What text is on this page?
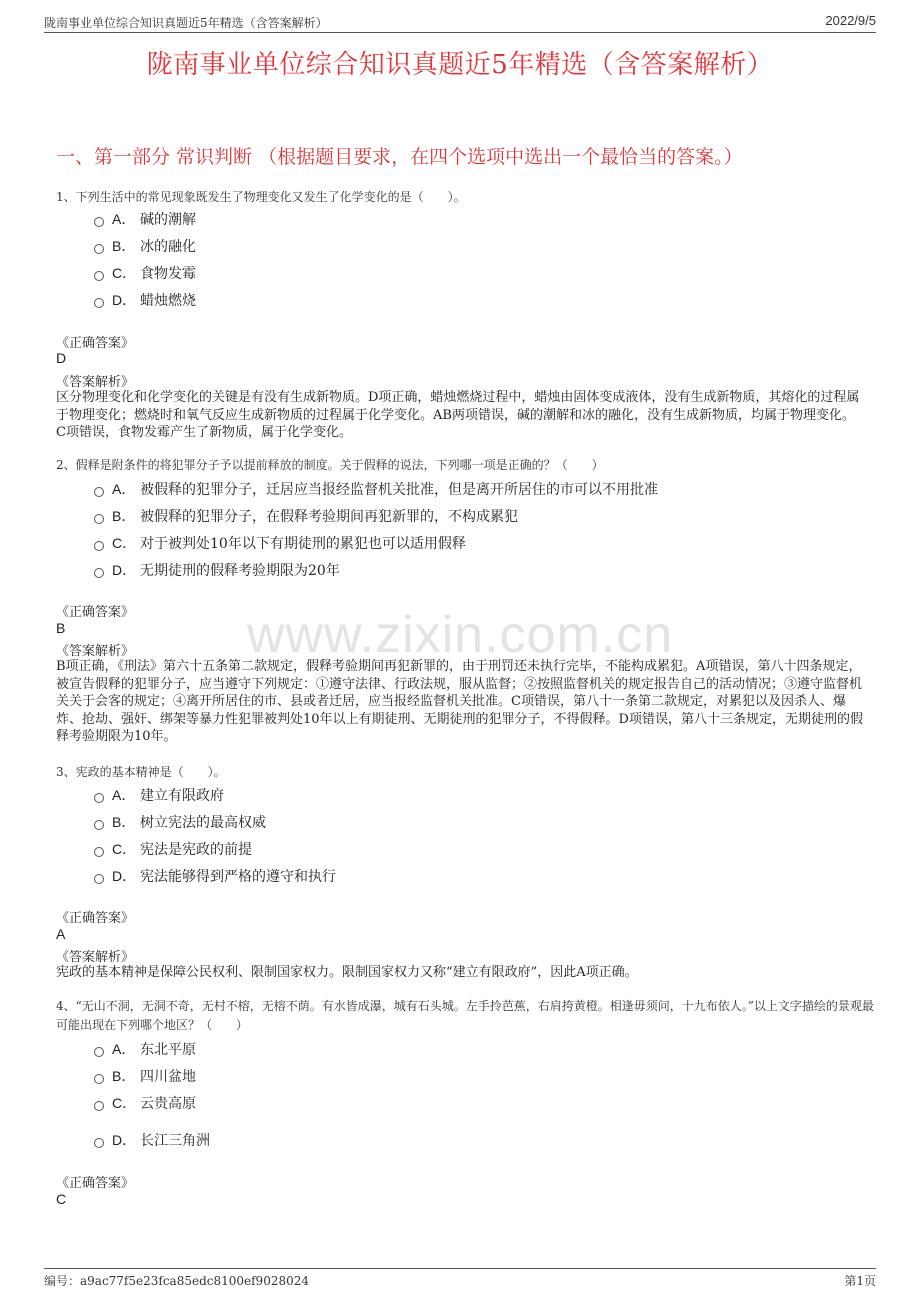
陇南事业单位综合知识真题近5年精选（含答案解析）	2022/9/5
陇南事业单位综合知识真题近5年精选（含答案解析）
一、第一部分 常识判断 （根据题目要求，在四个选项中选出一个最恰当的答案。）
www.zixin.com.cn
1、下列生活中的常见现象既发生了物理变化又发生了化学变化的是（　　）。
A． 碱的潮解
B． 冰的融化
C． 食物发霉
D． 蜡烛燃烧
《正确答案》
D
《答案解析》
区分物理变化和化学变化的关键是有没有生成新物质。D项正确，蜡烛燃烧过程中，蜡烛由固体变成液体，没有生成新物质，其熔化的过程属于物理变化；燃烧时和氧气反应生成新物质的过程属于化学变化。AB两项错误，碱的潮解和冰的融化，没有生成新物质，均属于物理变化。C项错误，食物发霉产生了新物质，属于化学变化。
2、假释是附条件的将犯罪分子予以提前释放的制度。关于假释的说法，下列哪一项是正确的？（　　）
A． 被假释的犯罪分子，迁居应当报经监督机关批准，但是离开所居住的市可以不用批准
B． 被假释的犯罪分子，在假释考验期间再犯新罪的，不构成累犯
C． 对于被判处10年以下有期徒刑的累犯也可以适用假释
D． 无期徒刑的假释考验期限为20年
《正确答案》
B
《答案解析》
B项正确，《刑法》第六十五条第二款规定，假释考验期间再犯新罪的，由于刑罚还未执行完毕，不能构成累犯。A项错误，第八十四条规定，被宣告假释的犯罪分子，应当遵守下列规定：①遵守法律、行政法规，服从监督；②按照监督机关的规定报告自己的活动情况；③遵守监督机关关于会客的规定；④离开所居住的市、县或者迁居，应当报经监督机关批准。C项错误，第八十一条第二款规定，对累犯以及因杀人、爆炸、抢劫、强奸、绑架等暴力性犯罪被判处10年以上有期徒刑、无期徒刑的犯罪分子，不得假释。D项错误，第八十三条规定，无期徒刑的假释考验期限为10年。
3、宪政的基本精神是（　　）。
A． 建立有限政府
B． 树立宪法的最高权威
C． 宪法是宪政的前提
D． 宪法能够得到严格的遵守和执行
《正确答案》
A
《答案解析》
宪政的基本精神是保障公民权利、限制国家权力。限制国家权力又称“建立有限政府”，因此A项正确。
4、“无山不洞，无洞不奇，无村不榕，无榕不荫。有水皆成瀑，城有石头城。左手拎芭蕉，右肩挎黄橙。相逢毋须问，十九布依人。”以上文字描绘的景观最可能出现在下列哪个地区？（　　）
A． 东北平原
B． 四川盆地
C． 云贵高原
D． 长江三角洲
《正确答案》
C
编号：a9ac77f5e23fca85edc8100ef9028024	第1页
